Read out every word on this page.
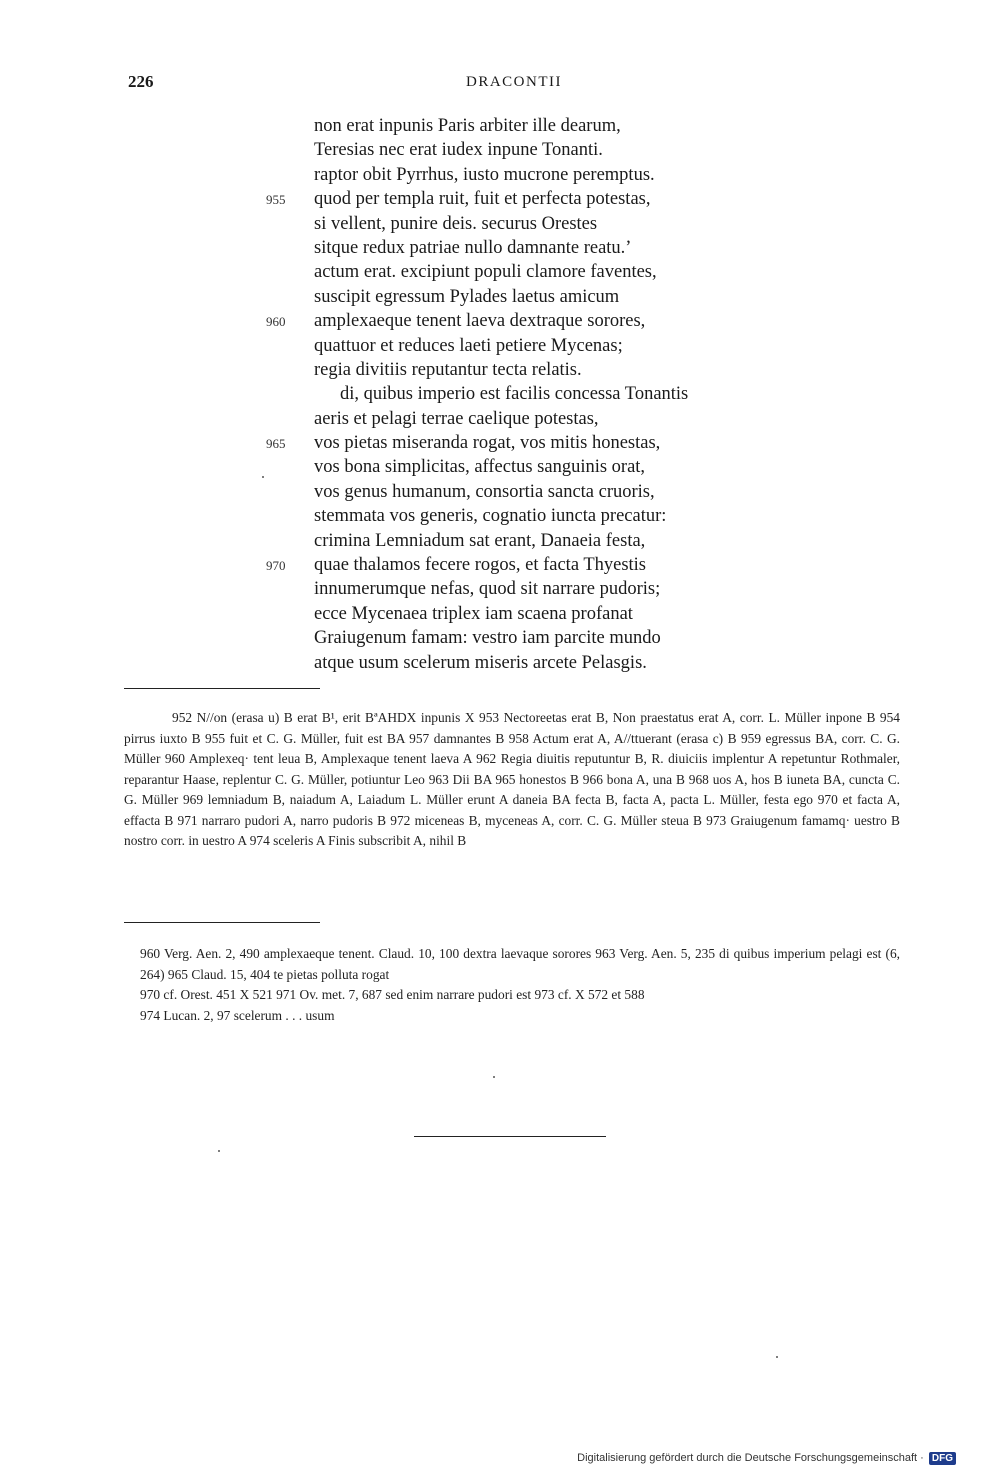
226	DRACONTII
non erat inpunis Paris arbiter ille dearum,
Teresias nec erat iudex inpune Tonanti.
raptor obit Pyrrhus, iusto mucrone peremptus.
955	quod per templa ruit, fuit et perfecta potestas,
si vellent, punire deis. securus Orestes
sitque redux patriae nullo damnante reatu.’
actum erat. excipiunt populi clamore faventes,
suscipit egressum Pylades laetus amicum
960	amplexaeque tenent laeva dextraque sorores,
quattuor et reduces laeti petiere Mycenas;
regia divitiis reputantur tecta relatis.
di, quibus imperio est facilis concessa Tonantis
aeris et pelagi terrae caelique potestas,
965	vos pietas miseranda rogat, vos mitis honestas,
vos bona simplicitas, affectus sanguinis orat,
vos genus humanum, consortia sancta cruoris,
stemmata vos generis, cognatio iuncta precatur:
crimina Lemniadum sat erant, Danaeia festa,
970	quae thalamos fecere rogos, et facta Thyestis
innumerumque nefas, quod sit narrare pudoris;
ecce Mycenaea triplex iam scaena profanat
Graiugenum famam: vestro iam parcite mundo
atque usum scelerum miseris arcete Pelasgis.

952 N//on (erasa u) B erat B¹, erit BªAHDX inpunis X 953 Nectoreetas erat B, Non praestatus erat A, corr. L. Müller inpone B 954 pirrus iuxto B 955 fuit et C. G. Müller, fuit est BA 957 damnantes B 958 Actum erat A, A//ttuerant (erasa c) B 959 egressus BA, corr. C. G. Müller 960 Amplexeq· tent leua B, Amplexaque tenent laeva A 962 Regia diuitis reputuntur B, R. diuiciis implentur A repetuntur Rothmaler, reparantur Haase, replentur C. G. Müller, potiuntur Leo 963 Dii BA 965 honestos B 966 bona A, una B 968 uos A, hos B iuneta BA, cuncta C. G. Müller 969 lemniadum B, naiadum A, Laiadum L. Müller erunt A daneia BA fecta B, facta A, pacta L. Müller, festa ego 970 et facta A, effacta B 971 narraro pudori A, narro pudoris B 972 miceneas B, myceneas A, corr. C. G. Müller steua B 973 Graiugenum famamq· uestro B nostro corr. in uestro A 974 sceleris A Finis subscribit A, nihil B

960 Verg. Aen. 2, 490 amplexaeque tenent. Claud. 10, 100 dextra laevaque sorores 963 Verg. Aen. 5, 235 di quibus imperium pelagi est (6, 264) 965 Claud. 15, 404 te pietas polluta rogat
970 cf. Orest. 451 X 521 971 Ov. met. 7, 687 sed enim narrare pudori est 973 cf. X 572 et 588
974 Lucan. 2, 97 scelerum . . . usum

Digitalisierung gefördert durch die Deutsche Forschungsgemeinschaft · DFG
